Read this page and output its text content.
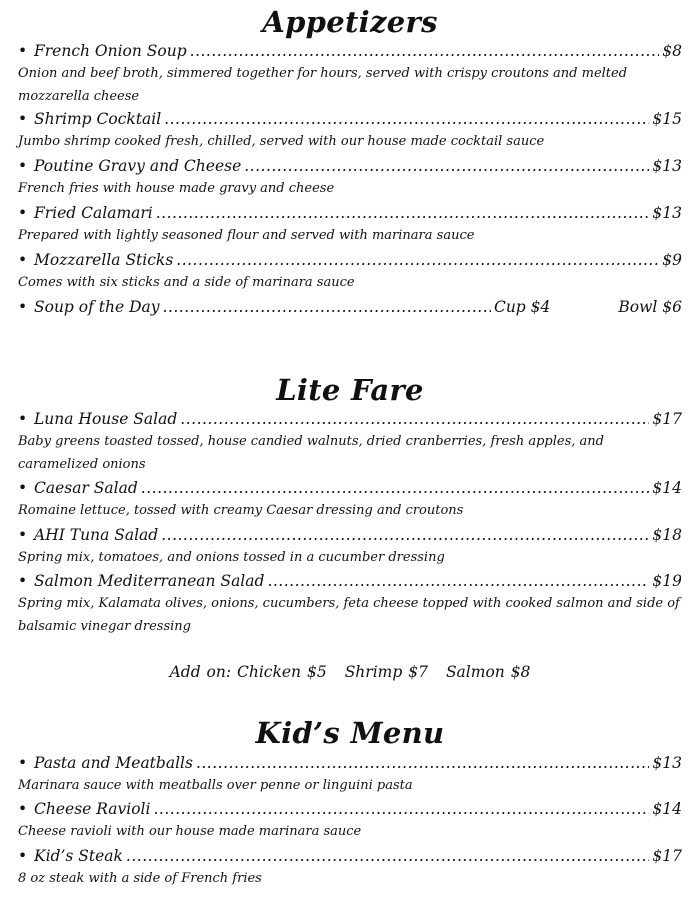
Appetizers
• French Onion Soup .....	$8
Onion and beef broth, simmered together for hours, served with crispy croutons and melted mozzarella cheese
• Shrimp Cocktail .....	$15
Jumbo shrimp cooked fresh, chilled, served with our house made cocktail sauce
• Poutine Gravy and Cheese .....	$13
French fries with house made gravy and cheese
• Fried Calamari .....	$13
Prepared with lightly seasoned flour and served with marinara sauce
• Mozzarella Sticks .....	$9
Comes with six sticks and a side of marinara sauce
• Soup of the Day .....	Cup $4	Bowl $6
Lite Fare
• Luna House Salad .....	$17
Baby greens toasted tossed, house candied walnuts, dried cranberries, fresh apples, and caramelized onions
• Caesar Salad .....	$14
Romaine lettuce, tossed with creamy Caesar dressing and croutons
• AHI Tuna Salad .....	$18
Spring mix, tomatoes, and onions tossed in a cucumber dressing
• Salmon Mediterranean Salad .....	$19
Spring mix, Kalamata olives, onions, cucumbers, feta cheese topped with cooked salmon and side of balsamic vinegar dressing
Add on: Chicken $5 Shrimp $7 Salmon $8
Kid’s Menu
• Pasta and Meatballs .....	$13
Marinara sauce with meatballs over penne or linguini pasta
• Cheese Ravioli .....	$14
Cheese ravioli with our house made marinara sauce
• Kid’s Steak .....	$17
8 oz steak with a side of French fries
